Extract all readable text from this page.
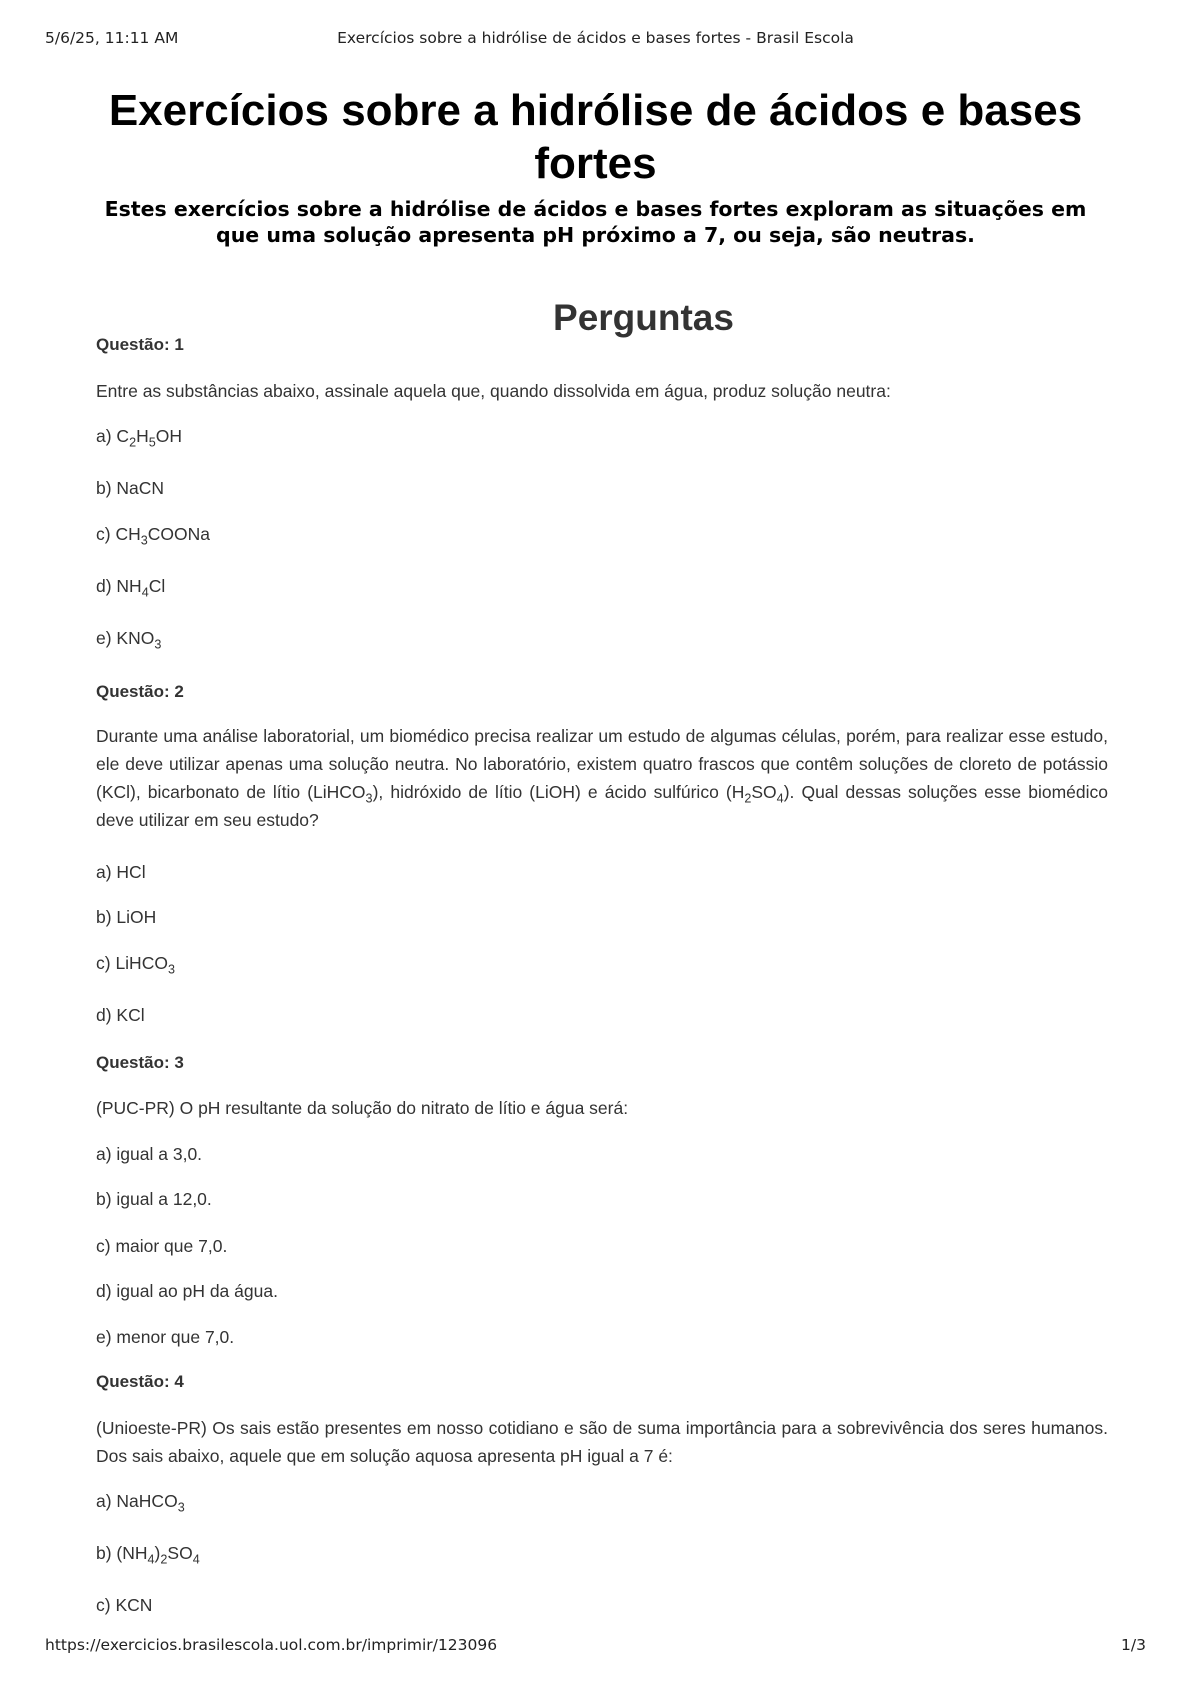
5/6/25, 11:11 AM	Exercícios sobre a hidrólise de ácidos e bases fortes - Brasil Escola
Exercícios sobre a hidrólise de ácidos e bases fortes

Estes exercícios sobre a hidrólise de ácidos e bases fortes exploram as situações em que uma solução apresenta pH próximo a 7, ou seja, são neutras.

Perguntas

Questão: 1

Entre as substâncias abaixo, assinale aquela que, quando dissolvida em água, produz solução neutra:

a) $C_2H_5OH$

b) NaCN

c) $CH_3COONa$

d) $NH_4Cl$

e) $KNO_3$

Questão: 2

Durante uma análise laboratorial, um biomédico precisa realizar um estudo de algumas células, porém, para realizar esse estudo, ele deve utilizar apenas uma solução neutra. No laboratório, existem quatro frascos que contêm soluções de cloreto de potássio (KCl), bicarbonato de lítio (LiHCO$_3$), hidróxido de lítio (LiOH) e ácido sulfúrico $(H_2SO_4)$. Qual dessas soluções esse biomédico deve utilizar em seu estudo?

a) HCl

b) LiOH

c) LiHCO$_3$

d) KCl

Questão: 3

(PUC-PR) O pH resultante da solução do nitrato de lítio e água será:

a) igual a 3,0.

b) igual a 12,0.

c) maior que 7,0.

d) igual ao pH da água.

e) menor que 7,0.

Questão: 4

(Unioeste-PR) Os sais estão presentes em nosso cotidiano e são de suma importância para a sobrevivência dos seres humanos. Dos sais abaixo, aquele que em solução aquosa apresenta pH igual a 7 é:

a) NaHCO$_3$

b) $(NH_4)_2SO_4$

c) KCN

https://exercicios.brasilescola.uol.com.br/imprimir/123096	1/3
